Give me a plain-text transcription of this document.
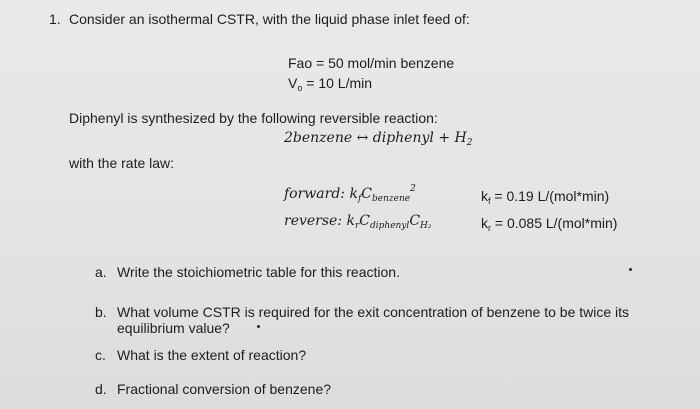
1. Consider an isothermal CSTR, with the liquid phase inlet feed of:
Fao = 50 mol/min benzene
$V_o = 10$ L/min
Diphenyl is synthesized by the following reversible reaction:
2benzene ↔ diphenyl + $H_2$
with the rate law:
forward: $k_fC_{benzene}^2$
reverse: $k_rC_{diphenyl}C_{H_2}$
$k_f = 0.19$ L/(mol*min)
$k_r = 0.085$ L/(mol*min)
a. Write the stoichiometric table for this reaction.
b. What volume CSTR is required for the exit concentration of benzene to be twice its equilibrium value?
c. What is the extent of reaction?
d. Fractional conversion of benzene?
